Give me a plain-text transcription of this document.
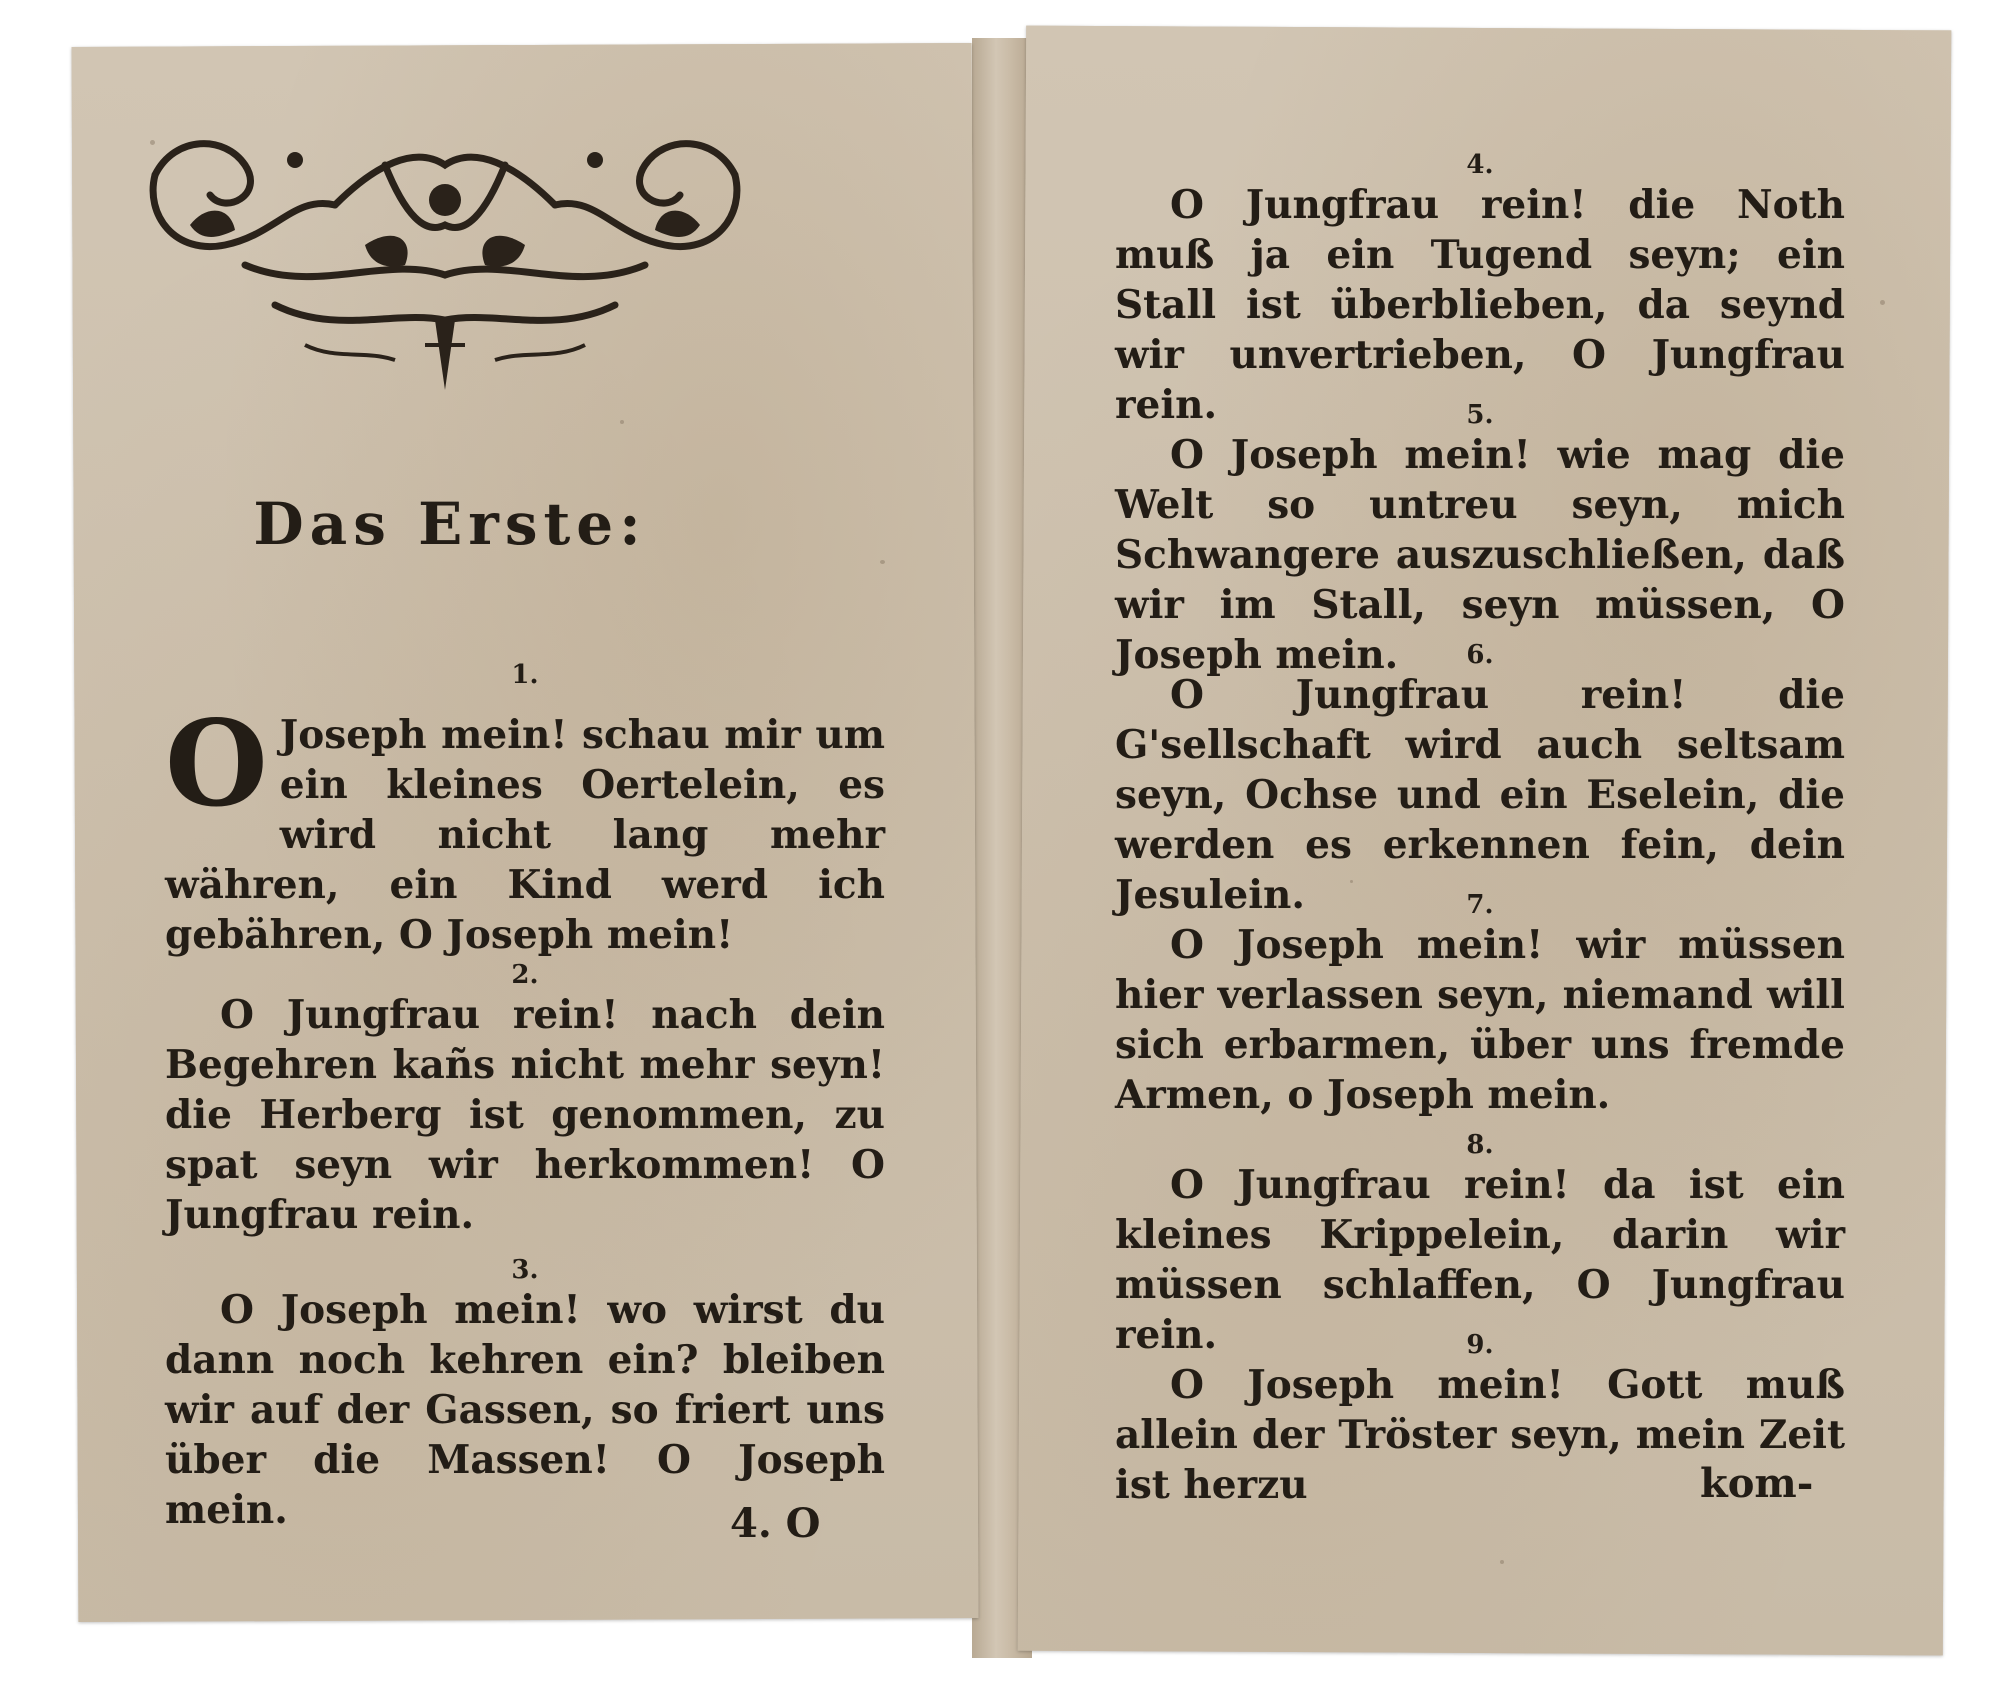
Das Erste:
1.
O Joseph mein! schau mir um ein kleines Oertelein, es wird nicht lang mehr währen, ein Kind werd ich gebähren, O Joseph mein!
2.
O Jungfrau rein! nach dein Begehren kañs nicht mehr seyn! die Herberg ist genommen, zu spat seyn wir herkommen! O Jungfrau rein.
3.
O Joseph mein! wo wirst du dann noch kehren ein? bleiben wir auf der Gassen, so friert uns über die Massen! O Joseph mein.	4. O
4.
O Jungfrau rein! die Noth muß ja ein Tugend seyn; ein Stall ist überblieben, da seynd wir unvertrieben, O Jungfrau rein.	5.
O Joseph mein! wie mag die Welt so untreu seyn, mich Schwangere auszuschließen, daß wir im Stall, seyn müssen, O Joseph mein.	6.
O Jungfrau rein! die G'sellschaft wird auch seltsam seyn, Ochse und ein Eselein, die werden es erkennen fein, dein Jesulein.	7.
O Joseph mein! wir müssen hier verlassen seyn, niemand will sich erbarmen, über uns fremde Armen, o Joseph mein.
8.
O Jungfrau rein! da ist ein kleines Krippelein, darin wir müssen schlaffen, O Jungfrau rein.	9.
O Joseph mein! Gott muß allein der Tröster seyn, mein Zeit ist herzu	kom-
